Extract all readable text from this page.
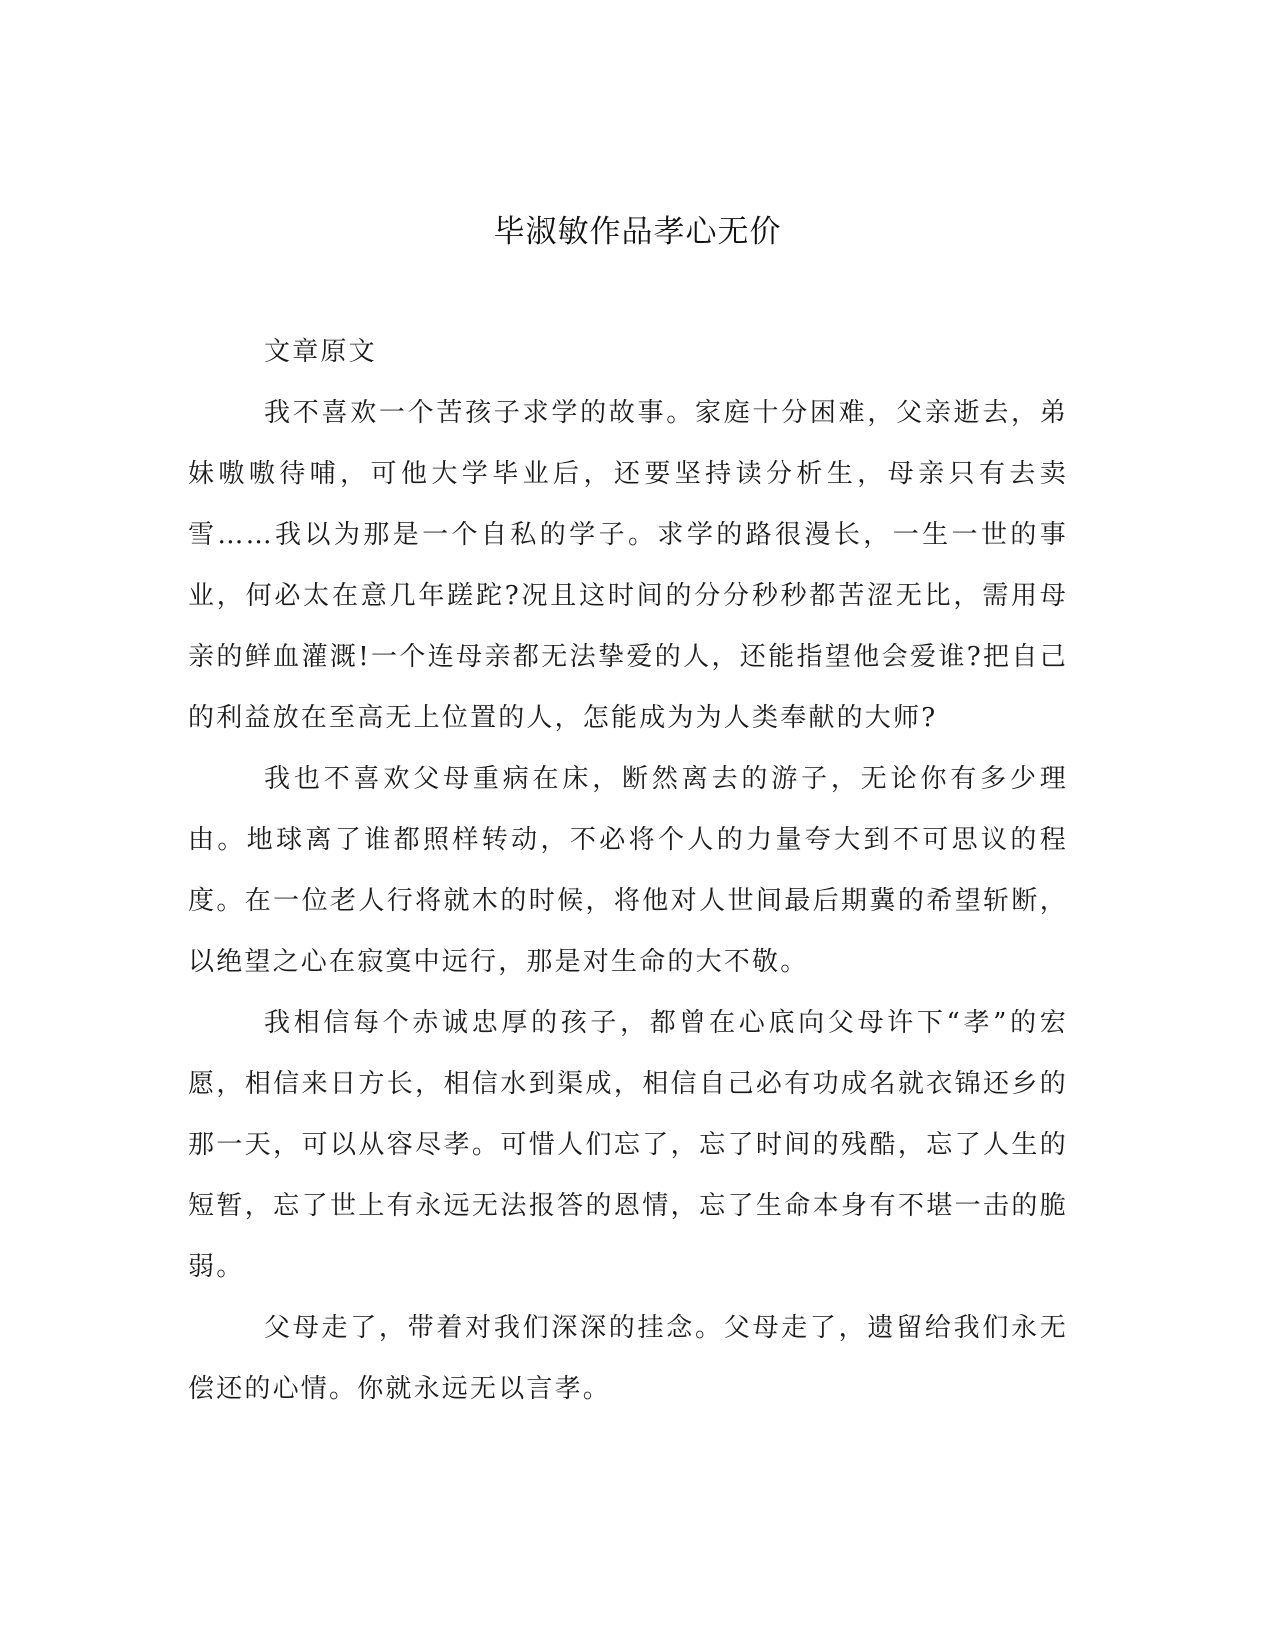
毕淑敏作品孝心无价

文章原文

我不喜欢一个苦孩子求学的故事。家庭十分困难，父亲逝去，弟妹嗷嗷待哺，可他大学毕业后，还要坚持读分析生，母亲只有去卖雪……我以为那是一个自私的学子。求学的路很漫长，一生一世的事业，何必太在意几年蹉跎?况且这时间的分分秒秒都苦涩无比，需用母亲的鲜血灌溉!一个连母亲都无法挚爱的人，还能指望他会爱谁?把自己的利益放在至高无上位置的人，怎能成为为人类奉献的大师?

我也不喜欢父母重病在床，断然离去的游子，无论你有多少理由。地球离了谁都照样转动，不必将个人的力量夸大到不可思议的程度。在一位老人行将就木的时候，将他对人世间最后期冀的希望斩断，以绝望之心在寂寞中远行，那是对生命的大不敬。

我相信每个赤诚忠厚的孩子，都曾在心底向父母许下“孝”的宏愿，相信来日方长，相信水到渠成，相信自己必有功成名就衣锦还乡的那一天，可以从容尽孝。可惜人们忘了，忘了时间的残酷，忘了人生的短暂，忘了世上有永远无法报答的恩情，忘了生命本身有不堪一击的脆弱。

父母走了，带着对我们深深的挂念。父母走了，遗留给我们永无偿还的心情。你就永远无以言孝。
